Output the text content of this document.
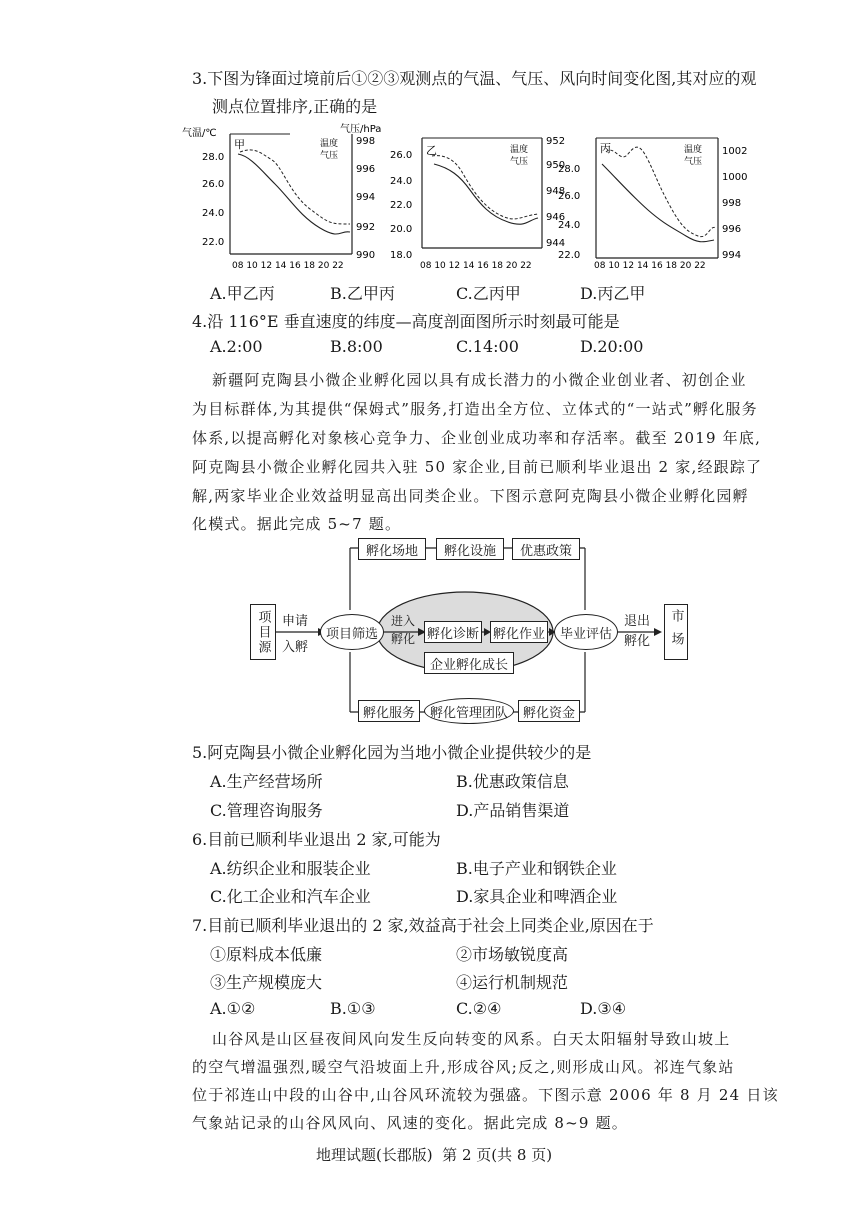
3.下图为锋面过境前后①②③观测点的气温、气压、风向时间变化图,其对应的观
测点位置排序,正确的是
气温/℃	气压/hPa
甲
28.0
26.0
24.0
22.0
998
996
994
992
990
温度
气压
08 10 12 14 16 18 20 22
乙
26.0
24.0
22.0
20.0
18.0
952
950
948
946
944
温度
气压
08 10 12 14 16 18 20 22
丙
28.0
26.0
24.0
22.0
1002
1000
998
996
994
温度
气压
08 10 12 14 16 18 20 22
A.甲乙丙	B.乙甲丙	C.乙丙甲	D.丙乙甲
4.沿 116°E 垂直速度的纬度—高度剖面图所示时刻最可能是
A.2:00	B.8:00	C.14:00	D.20:00
新疆阿克陶县小微企业孵化园以具有成长潜力的小微企业创业者、初创企业
为目标群体,为其提供“保姆式”服务,打造出全方位、立体式的“一站式”孵化服务
体系,以提高孵化对象核心竞争力、企业创业成功率和存活率。截至 2019 年底,
阿克陶县小微企业孵化园共入驻 50 家企业,目前已顺利毕业退出 2 家,经跟踪了
解,两家毕业企业效益明显高出同类企业。下图示意阿克陶县小微企业孵化园孵
化模式。据此完成 5~7 题。
孵化场地	孵化设施	优惠政策
项目源 申请
入孵
项目筛选
进入
孵化 孵化诊断 孵化作业
企业孵化成长
毕业评估
退出
孵化	市场
孵化服务	孵化管理团队	孵化资金
5.阿克陶县小微企业孵化园为当地小微企业提供较少的是
A.生产经营场所	B.优惠政策信息
C.管理咨询服务	D.产品销售渠道
6.目前已顺利毕业退出 2 家,可能为
A.纺织企业和服装企业	B.电子产业和钢铁企业
C.化工企业和汽车企业	D.家具企业和啤酒企业
7.目前已顺利毕业退出的 2 家,效益高于社会上同类企业,原因在于
①原料成本低廉	②市场敏锐度高
③生产规模庞大	④运行机制规范
A.①②	B.①③	C.②④	D.③④
山谷风是山区昼夜间风向发生反向转变的风系。白天太阳辐射导致山坡上
的空气增温强烈,暖空气沿坡面上升,形成谷风;反之,则形成山风。祁连气象站
位于祁连山中段的山谷中,山谷风环流较为强盛。下图示意 2006 年 8 月 24 日该
气象站记录的山谷风风向、风速的变化。据此完成 8~9 题。
地理试题(长郡版)  第 2 页(共 8 页)
